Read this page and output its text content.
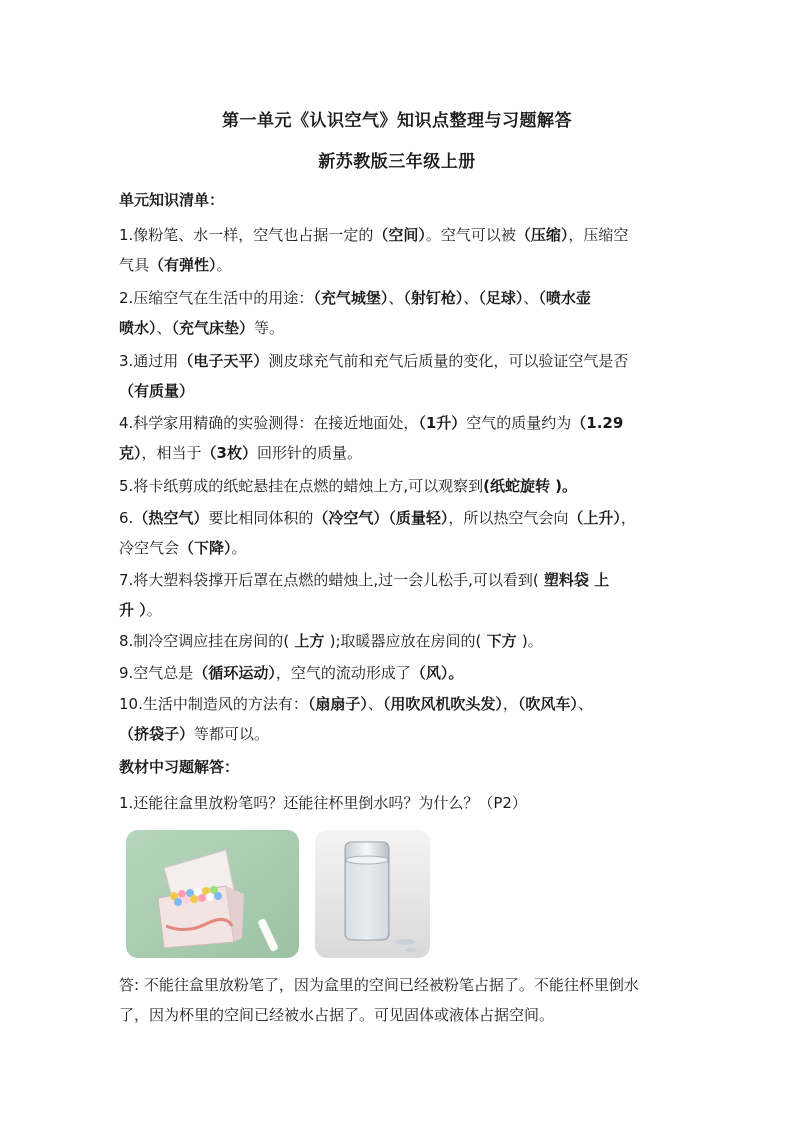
第一单元《认识空气》知识点整理与习题解答
新苏教版三年级上册
单元知识清单：
1.像粉笔、水一样，空气也占据一定的（空间）。空气可以被（压缩），压缩空
气具（有弹性）。
2.压缩空气在生活中的用途：（充气城堡）、（射钉枪）、（足球）、（喷水壶
喷水）、（充气床垫）等。
3.通过用（电子天平）测皮球充气前和充气后质量的变化，可以验证空气是否
（有质量）
4.科学家用精确的实验测得：在接近地面处，（1升）空气的质量约为（1.29
克），相当于（3枚）回形针的质量。
5.将卡纸剪成的纸蛇悬挂在点燃的蜡烛上方,可以观察到(纸蛇旋转 )。
6.（热空气）要比相同体积的（冷空气）（质量轻），所以热空气会向（上升），
冷空气会（下降）。
7.将大塑料袋撑开后罩在点燃的蜡烛上,过一会儿松手,可以看到( 塑料袋 上
升 ）。
8.制冷空调应挂在房间的( 上方 );取暖器应放在房间的( 下方 )。
9.空气总是（循环运动），空气的流动形成了（风）。
10.生活中制造风的方法有：（扇扇子）、（用吹风机吹头发），（吹风车）、
（挤袋子）等都可以。
教材中习题解答：
1.还能往盒里放粉笔吗？还能往杯里倒水吗？为什么？（P2）
答: 不能往盒里放粉笔了，因为盒里的空间已经被粉笔占据了。不能往杯里倒水
了，因为杯里的空间已经被水占据了。可见固体或液体占据空间。
